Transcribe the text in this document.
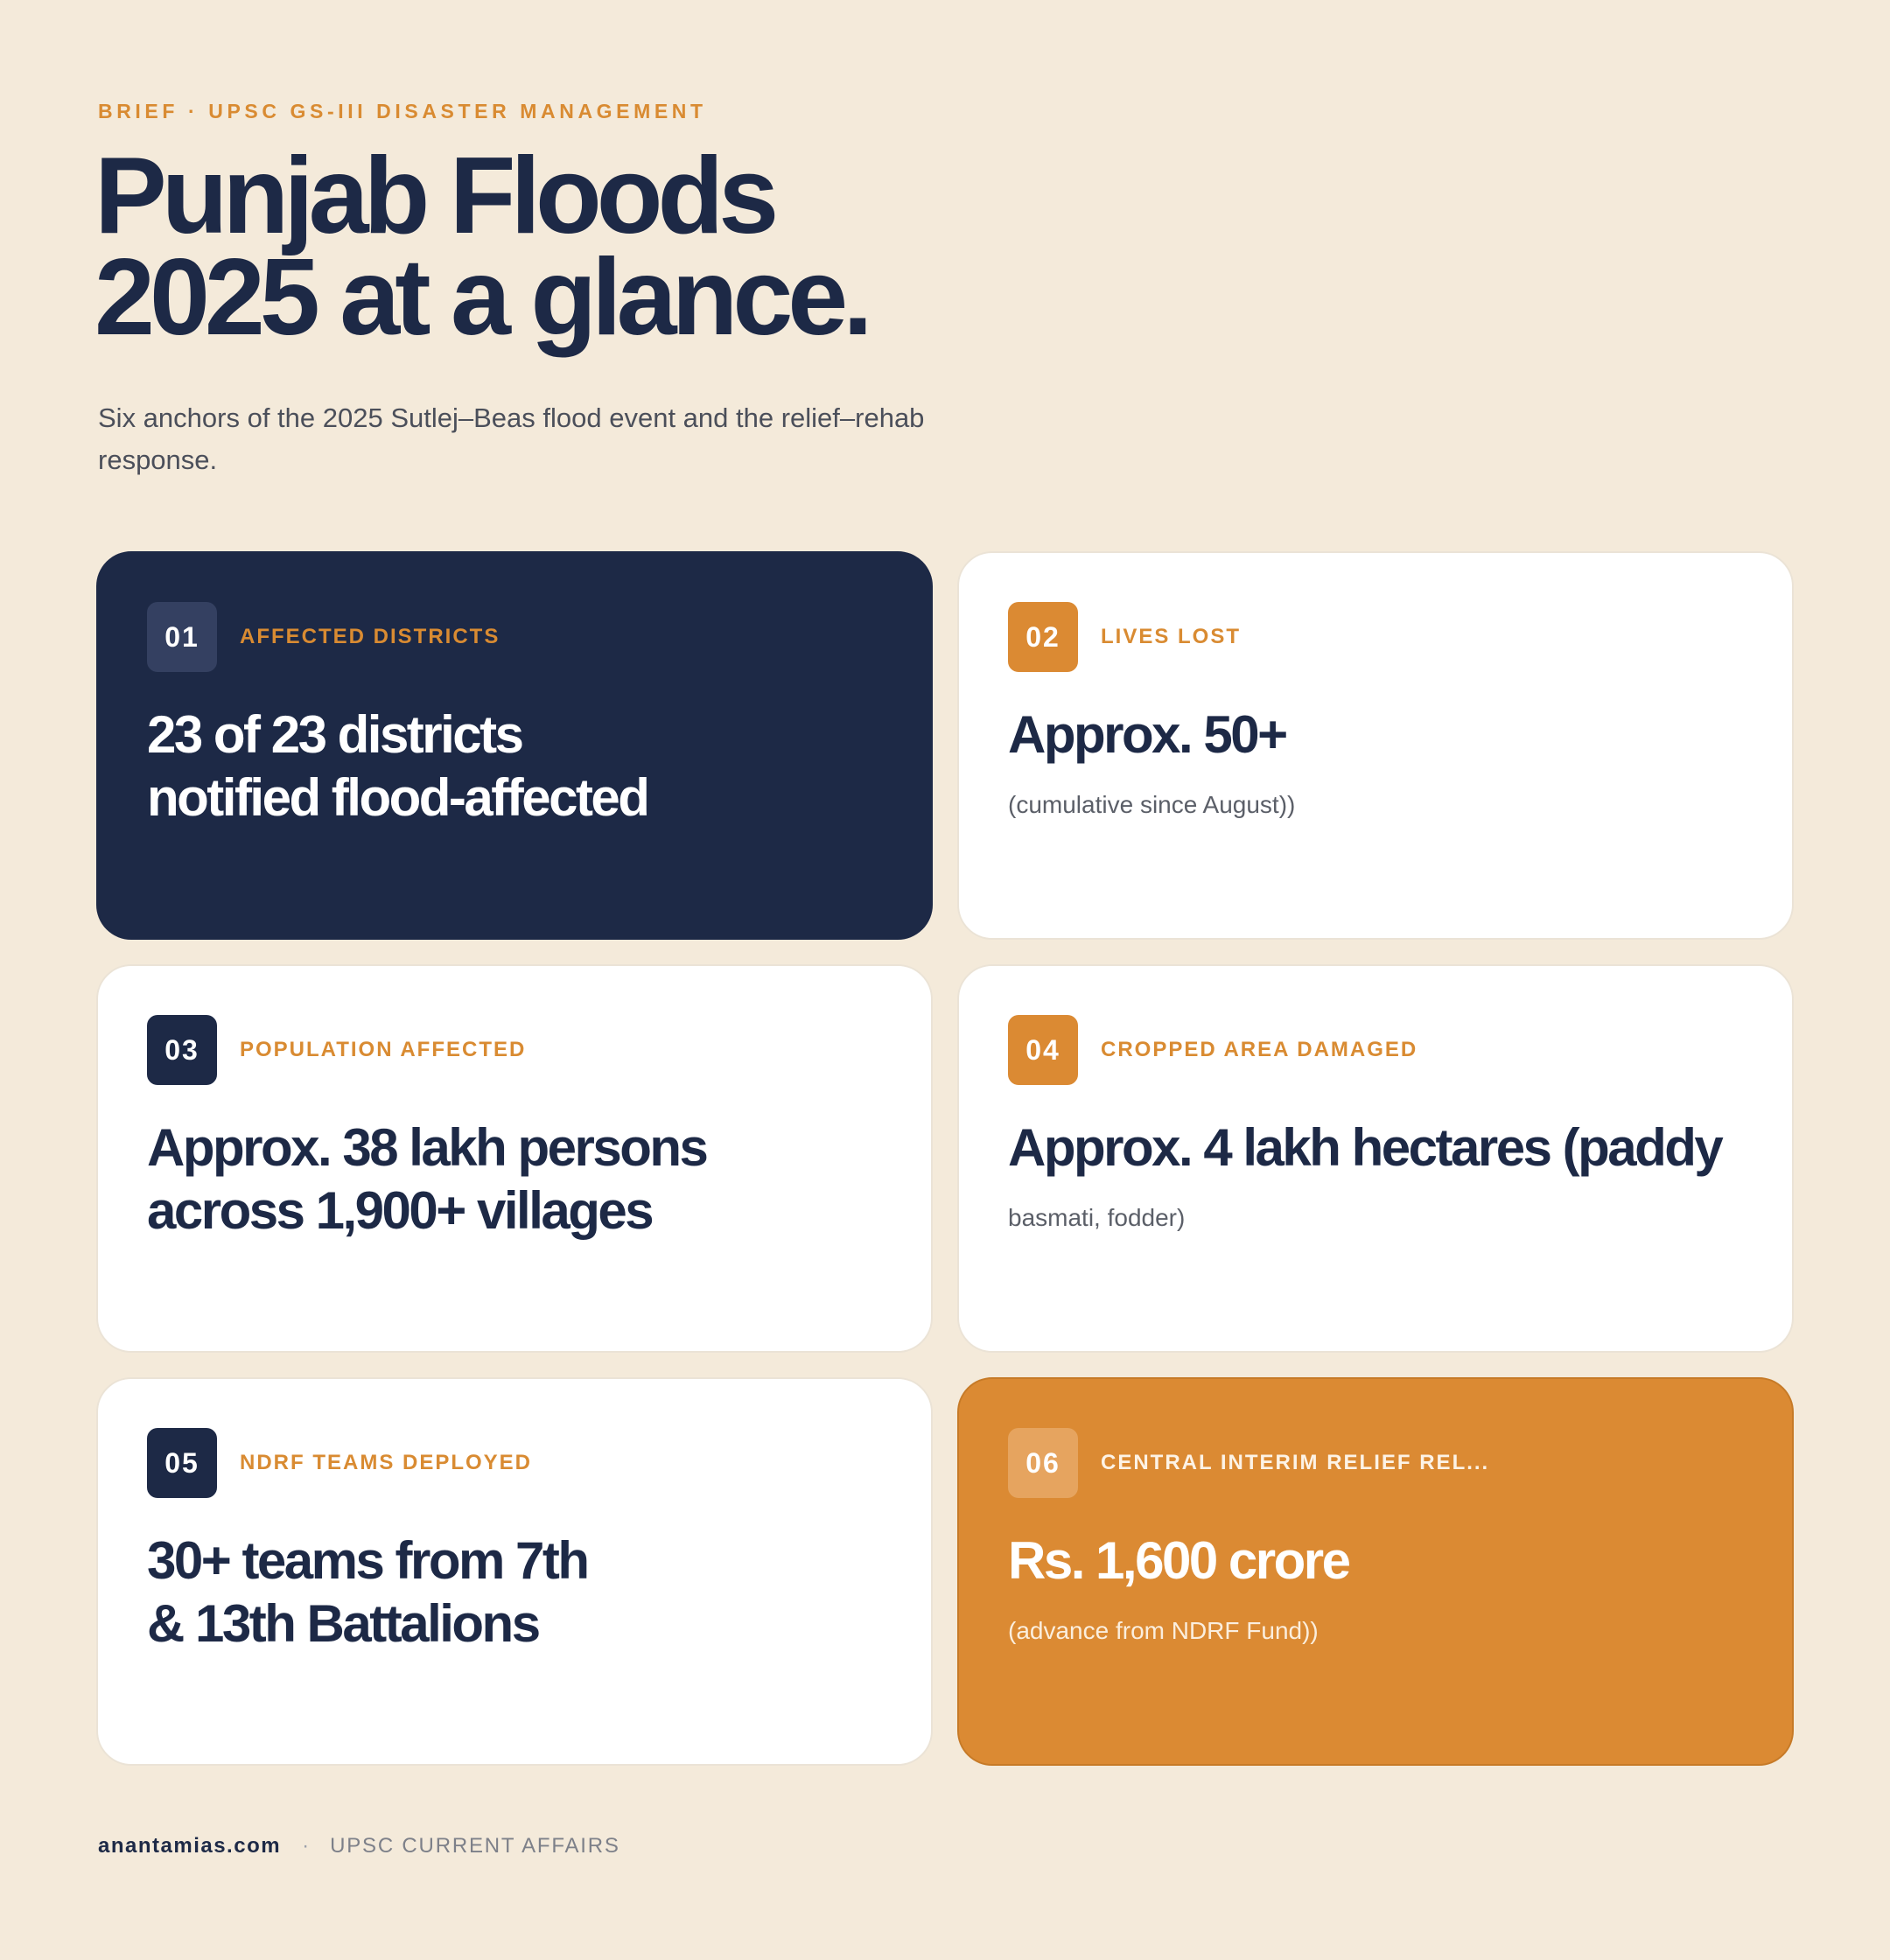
BRIEF · UPSC GS-III DISASTER MANAGEMENT
Punjab Floods
2025 at a glance.
Six anchors of the 2025 Sutlej–Beas flood event and the relief–rehab response.
01	AFFECTED DISTRICTS
23 of 23 districts
notified flood-affected
02	LIVES LOST
Approx. 50+
(cumulative since August))
03	POPULATION AFFECTED
Approx. 38 lakh persons
across 1,900+ villages
04	CROPPED AREA DAMAGED
Approx. 4 lakh hectares (paddy
basmati, fodder)
05	NDRF TEAMS DEPLOYED
30+ teams from 7th
& 13th Battalions
06	CENTRAL INTERIM RELIEF REL...
Rs. 1,600 crore
(advance from NDRF Fund))
anantamias.com · UPSC CURRENT AFFAIRS
